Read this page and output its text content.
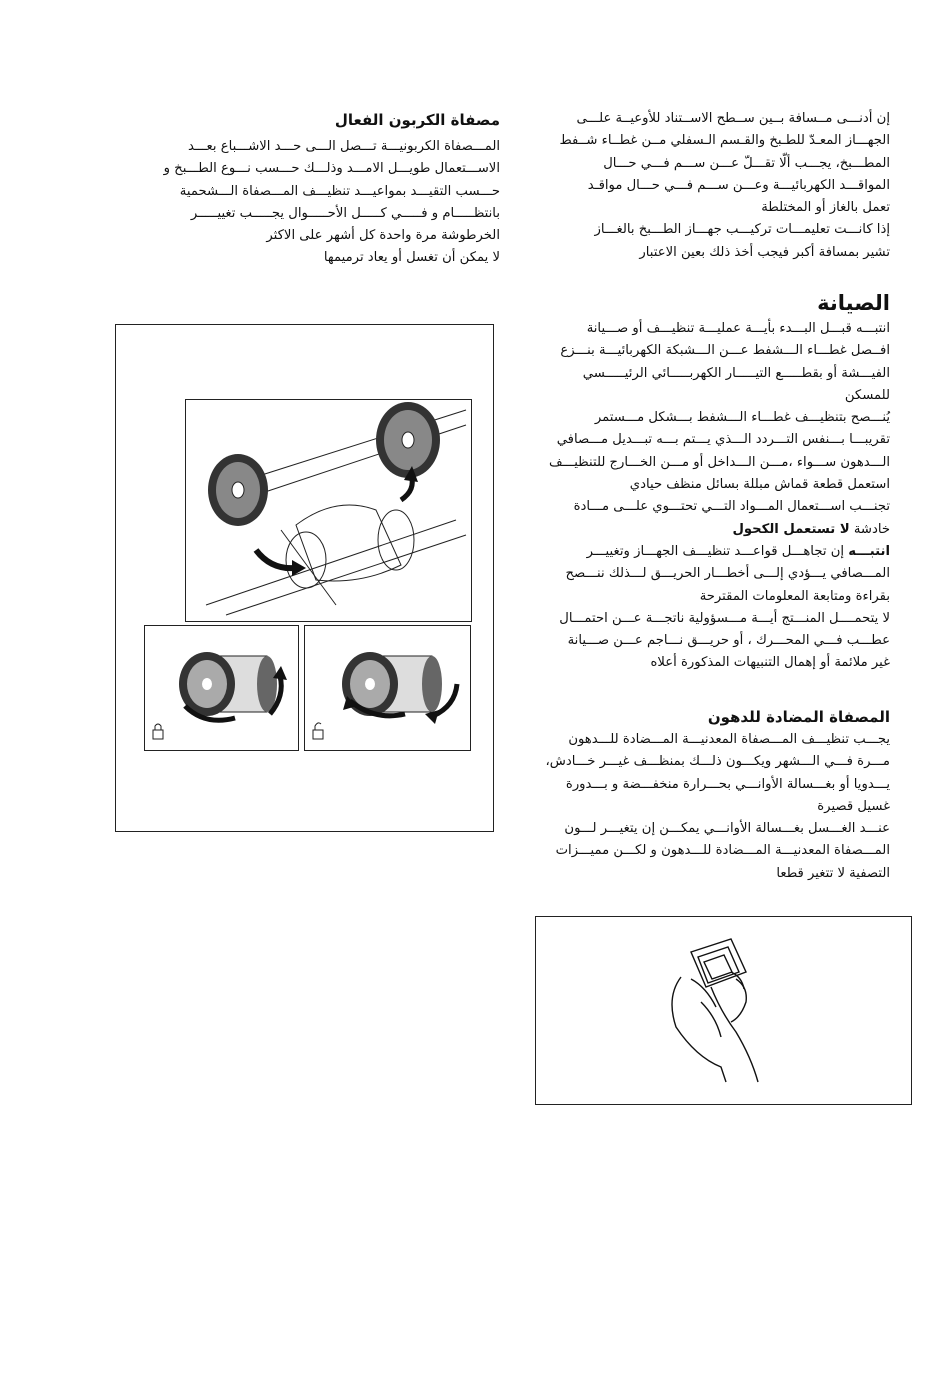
إن أدنـــى مــسافة بــين ســطح الاســتناد للأوعيــة علـــى
الجهـــاز المعـدّ للطـبخ والقـسم الـسفلي مــن غطــاء شــفط
المطـــبخ، يجـــب ألّا تقـــلّ عـــن ســـم فـــي حـــال
المواقـــد الكهربائيـــة وعـــن ســـم فـــي حـــال مواقـد
تعمل بالغاز أو المختلطة
إذا كانـــت تعليمـــات تركيـــب جهـــاز الطـــبخ بالغـــاز
تشير بمسافة أكبر فيجب أخذ ذلك بعين الاعتبار
الصيانة
انتبـــه قبـــل البـــدء بأيـــة عمليـــة تنظيـــف أو صـــيانة
افــصل غطـــاء الـــشفط عـــن الـــشبكة الكهربائيـــة بنـــزع
الفيـــشة أو بقطـــــع التيـــــار الكهربـــــائي الرئيـــــسي
للمسكن
يُنـــصح بتنظيـــف غطـــاء الـــشفط بـــشكل مـــستمر
تقريبـــا بـــنفس التـــردد الـــذي يـــتم بـــه تبـــديل مـــصافي
الـــدهون ســـواء ،مـــن الـــداخل أو مـــن الخـــارج للتنظيـــف
استعمل قطعة قماش مبللة بسائل منظف حيادي
تجنـــب اســـتعمال المـــواد التـــي تحتـــوي علـــى مـــادة
خادشة لا تستعمل الكحول
انتبـــه إن تجاهـــل قواعـــد تنظيـــف الجهـــاز وتغييـــر
المـــصافي يـــؤدي إلـــى أخطـــار الحريـــق لـــذلك ننـــصح
بقراءة ومتابعة المعلومات المقترحة
لا يتحمــــل المنـــتج أيـــة مـــسؤولية ناتجـــة عـــن احتمـــال
عطـــب فـــي المحـــرك ، أو حريـــق نـــاجم عـــن صـــيانة
غير ملائمة أو إهمال التنبيهات المذكورة أعلاه
المصفاة المضادة للدهون
يجـــب تنظيـــف المـــصفاة المعدنيـــة المـــضادة للـــدهون
مـــرة فـــي الـــشهر ويكـــون ذلـــك بمنظـــف غيـــر خـــادش،
يـــدويا أو بغـــسالة الأوانـــي بحـــرارة منخفـــضة و بـــدورة
غسيل قصيرة
عنـــد الغـــسل بغـــسالة الأوانـــي يمكـــن إن يتغيـــر لـــون
المـــصفاة المعدنيـــة المـــضادة للـــدهون و لكـــن مميـــزات
التصفية لا تتغير قطعا
مصفاة الكربون الفعال
المـــصفاة الكربونيـــة تـــصل الـــى حـــد الاشـــباع بعـــد
الاســـتعمال طويـــل الامـــد وذلـــك حـــسب نـــوع الطـــبخ و
حـــسب التقيـــد بمواعيـــد تنظيـــف المـــصفاة الـــشحمية
بانتظـــــام و فـــــي كـــــل الأحـــــوال يجـــــب تغييـــــر
الخرطوشة مرة واحدة كل أشهر على الاكثر
لا يمكن أن تغسل أو يعاد ترميمها
